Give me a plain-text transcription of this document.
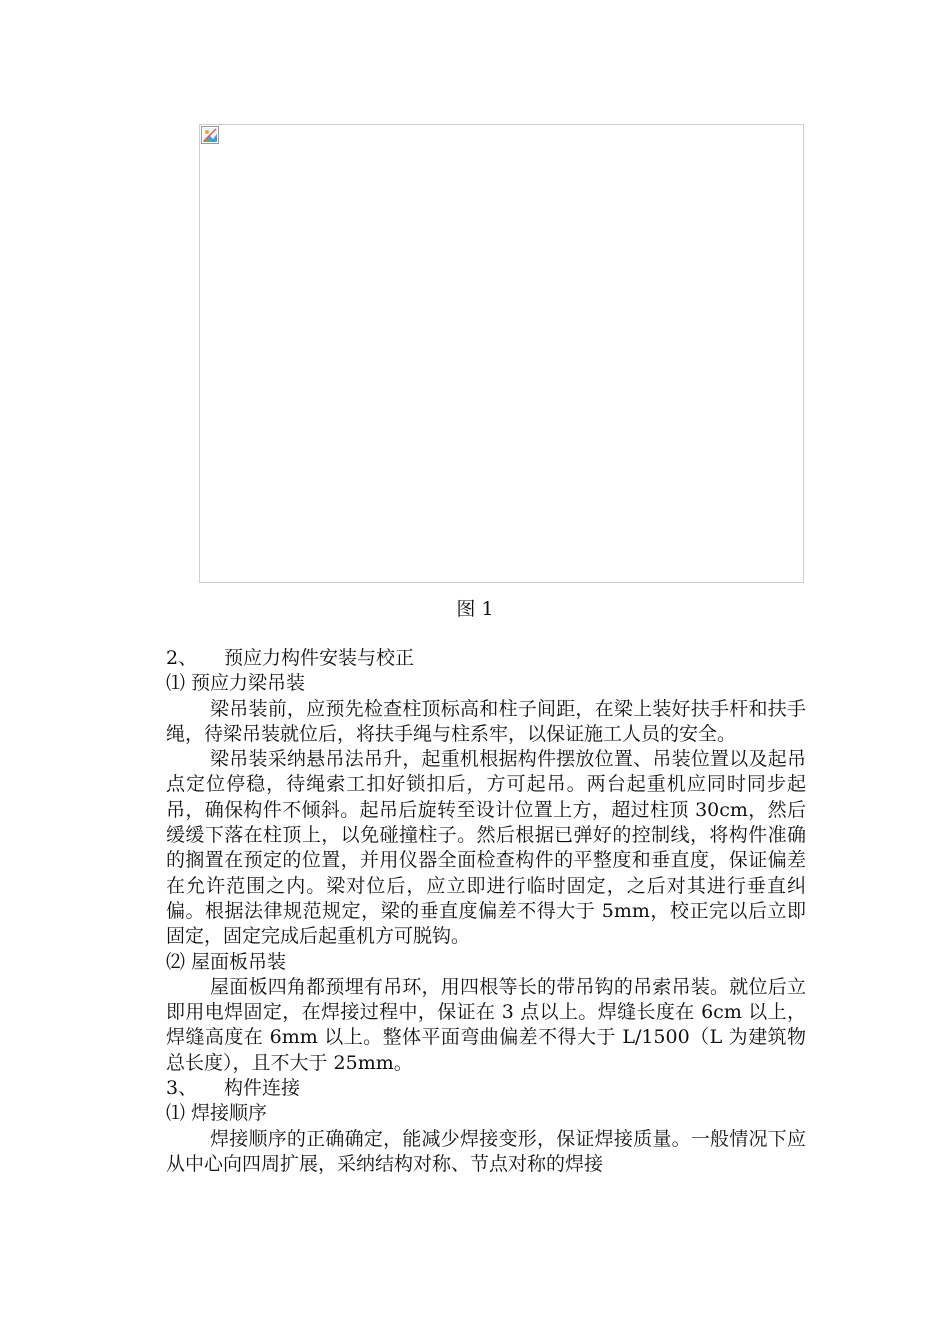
图 1

2、 预应力构件安装与校正

⑴ 预应力梁吊装

梁吊装前，应预先检查柱顶标高和柱子间距，在梁上装好扶手杆和扶手绳，待梁吊装就位后，将扶手绳与柱系牢，以保证施工人员的安全。

梁吊装采纳悬吊法吊升，起重机根据构件摆放位置、吊装位置以及起吊点定位停稳，待绳索工扣好锁扣后，方可起吊。两台起重机应同时同步起吊，确保构件不倾斜。起吊后旋转至设计位置上方，超过柱顶 30cm，然后缓缓下落在柱顶上，以免碰撞柱子。然后根据已弹好的控制线，将构件准确的搁置在预定的位置，并用仪器全面检查构件的平整度和垂直度，保证偏差在允许范围之内。梁对位后，应立即进行临时固定，之后对其进行垂直纠偏。根据法律规范规定，梁的垂直度偏差不得大于 5mm，校正完以后立即固定，固定完成后起重机方可脱钩。

⑵ 屋面板吊装

屋面板四角都预埋有吊环，用四根等长的带吊钩的吊索吊装。就位后立即用电焊固定，在焊接过程中，保证在 3 点以上。焊缝长度在 6cm 以上，焊缝高度在 6mm 以上。整体平面弯曲偏差不得大于 L/1500（L 为建筑物总长度），且不大于 25mm。

3、 构件连接

⑴ 焊接顺序

焊接顺序的正确确定，能减少焊接变形，保证焊接质量。一般情况下应从中心向四周扩展，采纳结构对称、节点对称的焊接
